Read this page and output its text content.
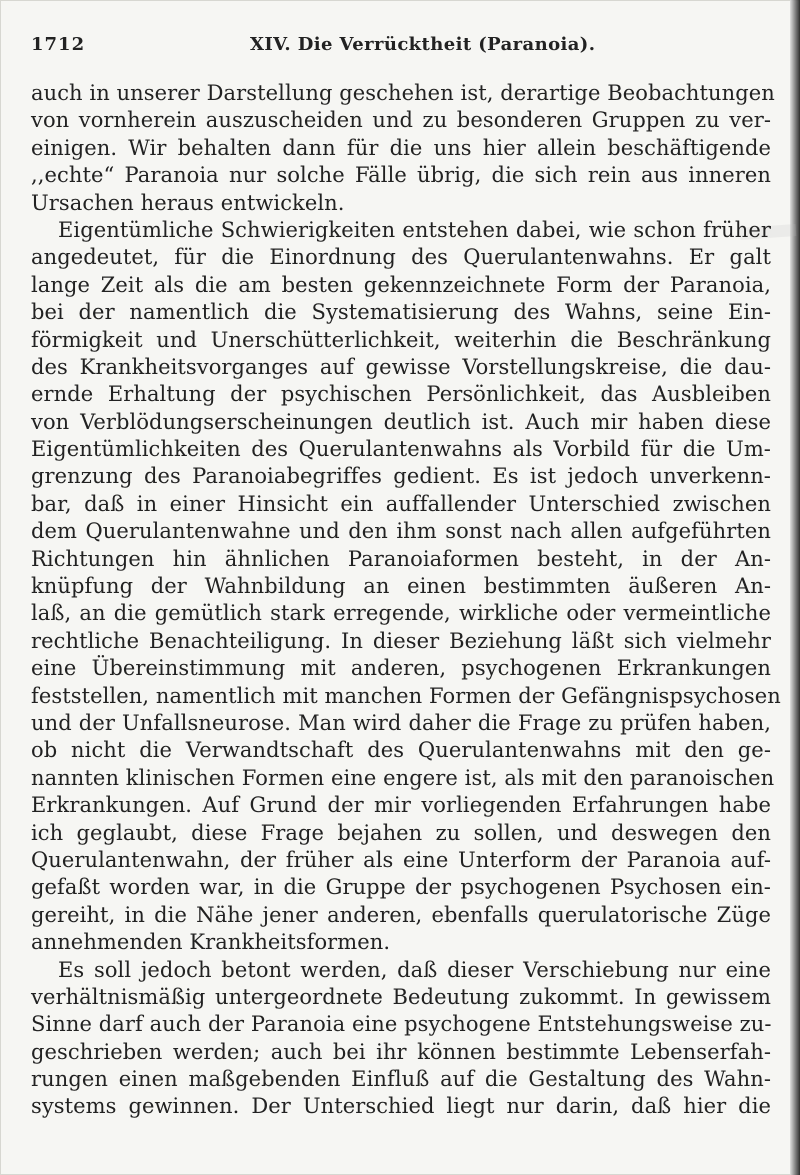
1712	XIV. Die Verrücktheit (Paranoia).
auch in unserer Darstellung geschehen ist, derartige Beobachtungen
von vornherein auszuscheiden und zu besonderen Gruppen zu ver-
einigen. Wir behalten dann für die uns hier allein beschäftigende
,,echte“ Paranoia nur solche Fälle übrig, die sich rein aus inneren
Ursachen heraus entwickeln.
Eigentümliche Schwierigkeiten entstehen dabei, wie schon früher
angedeutet, für die Einordnung des Querulantenwahns. Er galt
lange Zeit als die am besten gekennzeichnete Form der Paranoia,
bei der namentlich die Systematisierung des Wahns, seine Ein-
förmigkeit und Unerschütterlichkeit, weiterhin die Beschränkung
des Krankheitsvorganges auf gewisse Vorstellungskreise, die dau-
ernde Erhaltung der psychischen Persönlichkeit, das Ausbleiben
von Verblödungserscheinungen deutlich ist. Auch mir haben diese
Eigentümlichkeiten des Querulantenwahns als Vorbild für die Um-
grenzung des Paranoiabegriffes gedient. Es ist jedoch unverkenn-
bar, daß in einer Hinsicht ein auffallender Unterschied zwischen
dem Querulantenwahne und den ihm sonst nach allen aufgeführten
Richtungen hin ähnlichen Paranoiaformen besteht, in der An-
knüpfung der Wahnbildung an einen bestimmten äußeren An-
laß, an die gemütlich stark erregende, wirkliche oder vermeintliche
rechtliche Benachteiligung. In dieser Beziehung läßt sich vielmehr
eine Übereinstimmung mit anderen, psychogenen Erkrankungen
feststellen, namentlich mit manchen Formen der Gefängnispsychosen
und der Unfallsneurose. Man wird daher die Frage zu prüfen haben,
ob nicht die Verwandtschaft des Querulantenwahns mit den ge-
nannten klinischen Formen eine engere ist, als mit den paranoischen
Erkrankungen. Auf Grund der mir vorliegenden Erfahrungen habe
ich geglaubt, diese Frage bejahen zu sollen, und deswegen den
Querulantenwahn, der früher als eine Unterform der Paranoia auf-
gefaßt worden war, in die Gruppe der psychogenen Psychosen ein-
gereiht, in die Nähe jener anderen, ebenfalls querulatorische Züge
annehmenden Krankheitsformen.
Es soll jedoch betont werden, daß dieser Verschiebung nur eine
verhältnismäßig untergeordnete Bedeutung zukommt. In gewissem
Sinne darf auch der Paranoia eine psychogene Entstehungsweise zu-
geschrieben werden; auch bei ihr können bestimmte Lebenserfah-
rungen einen maßgebenden Einfluß auf die Gestaltung des Wahn-
systems gewinnen. Der Unterschied liegt nur darin, daß hier die
